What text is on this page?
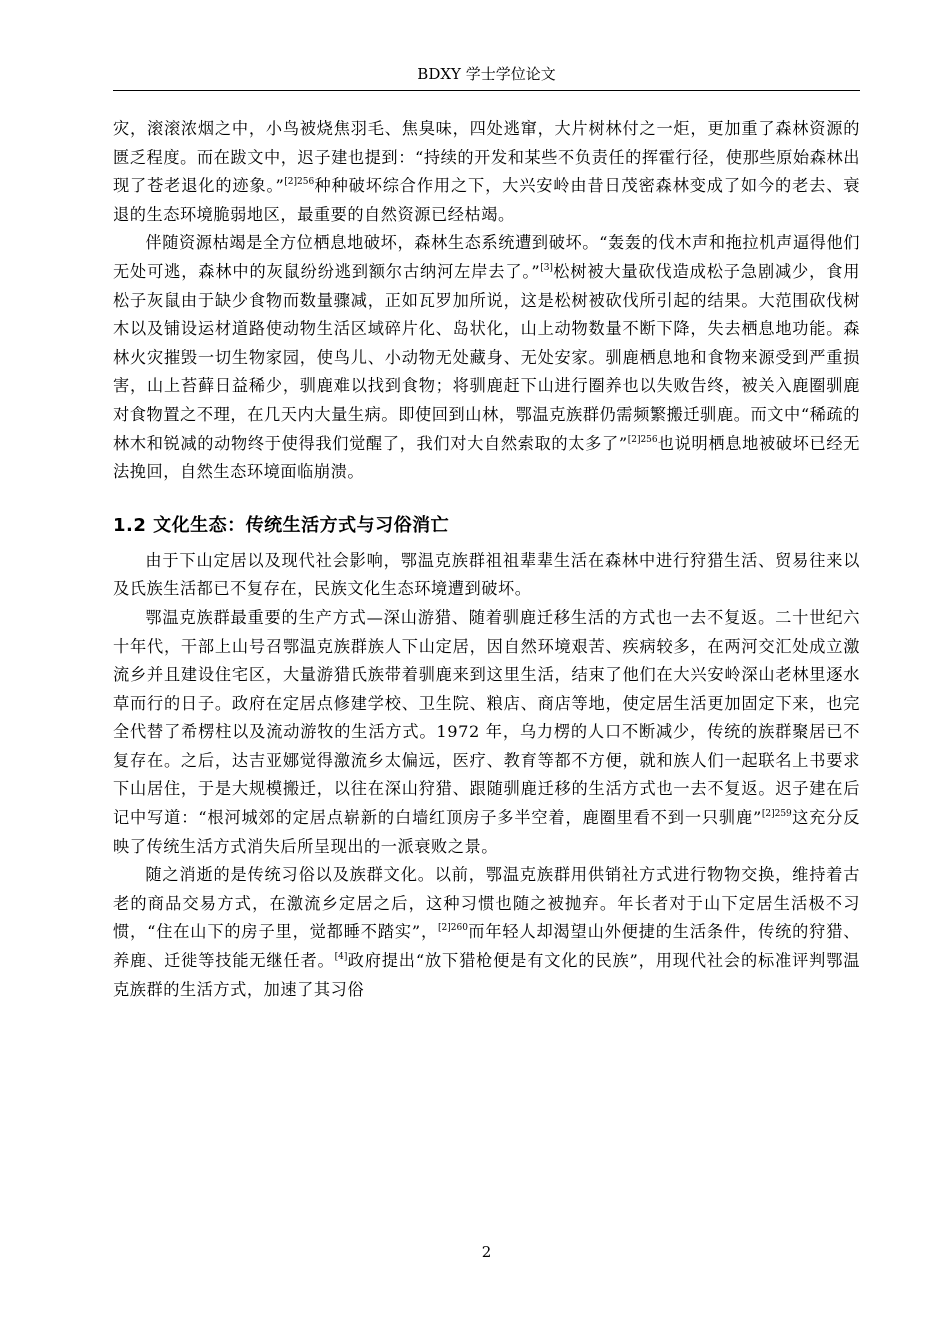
BDXY 学士学位论文

灾，滚滚浓烟之中，小鸟被烧焦羽毛、焦臭味，四处逃窜，大片树林付之一炬，更加重了森林资源的匮乏程度。而在跋文中，迟子建也提到：“持续的开发和某些不负责任的挥霍行径，使那些原始森林出现了苍老退化的迹象。”$^{[2]256}$种种破坏综合作用之下，大兴安岭由昔日茂密森林变成了如今的老去、衰退的生态环境脆弱地区，最重要的自然资源已经枯竭。

伴随资源枯竭是全方位栖息地破坏，森林生态系统遭到破坏。“轰轰的伐木声和拖拉机声逼得他们无处可逃，森林中的灰鼠纷纷逃到额尔古纳河左岸去了。”[3]松树被大量砍伐造成松子急剧减少，食用松子灰鼠由于缺少食物而数量骤减，正如瓦罗加所说，这是松树被砍伐所引起的结果。大范围砍伐树木以及铺设运材道路使动物生活区域碎片化、岛状化，山上动物数量不断下降，失去栖息地功能。森林火灾摧毁一切生物家园，使鸟儿、小动物无处藏身、无处安家。驯鹿栖息地和食物来源受到严重损害，山上苔藓日益稀少，驯鹿难以找到食物；将驯鹿赶下山进行圈养也以失败告终，被关入鹿圈驯鹿对食物置之不理，在几天内大量生病。即使回到山林，鄂温克族群仍需频繁搬迁驯鹿。而文中“稀疏的林木和锐减的动物终于使得我们觉醒了，我们对大自然索取的太多了”$^{[2]256}$也说明栖息地被破坏已经无法挽回，自然生态环境面临崩溃。

1.2 文化生态：传统生活方式与习俗消亡

由于下山定居以及现代社会影响，鄂温克族群祖祖辈辈生活在森林中进行狩猎生活、贸易往来以及氏族生活都已不复存在，民族文化生态环境遭到破坏。

鄂温克族群最重要的生产方式—深山游猎、随着驯鹿迁移生活的方式也一去不复返。二十世纪六十年代，干部上山号召鄂温克族群族人下山定居，因自然环境艰苦、疾病较多，在两河交汇处成立激流乡并且建设住宅区，大量游猎氏族带着驯鹿来到这里生活，结束了他们在大兴安岭深山老林里逐水草而行的日子。政府在定居点修建学校、卫生院、粮店、商店等地，使定居生活更加固定下来，也完全代替了希楞柱以及流动游牧的生活方式。1972 年，乌力楞的人口不断减少，传统的族群聚居已不复存在。之后，达吉亚娜觉得激流乡太偏远，医疗、教育等都不方便，就和族人们一起联名上书要求下山居住，于是大规模搬迁，以往在深山狩猎、跟随驯鹿迁移的生活方式也一去不复返。迟子建在后记中写道：“根河城郊的定居点崭新的白墙红顶房子多半空着，鹿圈里看不到一只驯鹿”$^{[2]259}$这充分反映了传统生活方式消失后所呈现出的一派衰败之景。

随之消逝的是传统习俗以及族群文化。以前，鄂温克族群用供销社方式进行物物交换，维持着古老的商品交易方式，在激流乡定居之后，这种习惯也随之被抛弃。年长者对于山下定居生活极不习惯，“住在山下的房子里，觉都睡不踏实”，$^{[2]260}$而年轻人却渴望山外便捷的生活条件，传统的狩猎、养鹿、迁徙等技能无继任者。[4]政府提出“放下猎枪便是有文化的民族”，用现代社会的标准评判鄂温克族群的生活方式，加速了其习俗

2
